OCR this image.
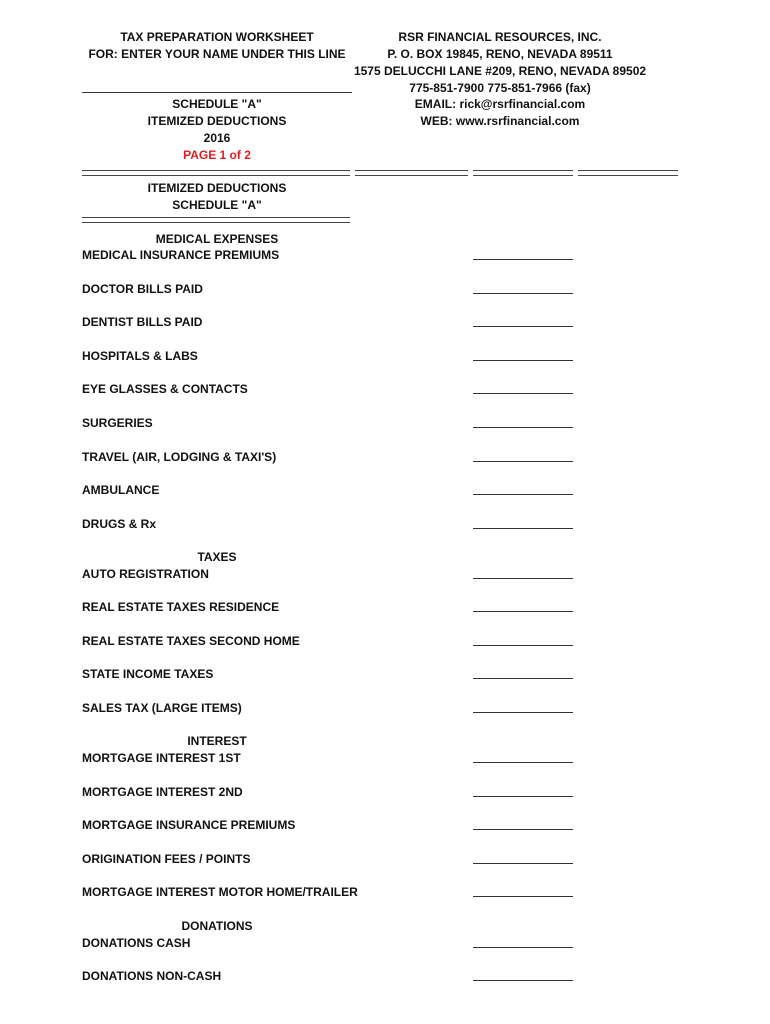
TAX PREPARATION WORKSHEET
FOR: ENTER YOUR NAME UNDER THIS LINE
SCHEDULE "A"
ITEMIZED DEDUCTIONS
2016
PAGE 1 of 2
RSR FINANCIAL RESOURCES, INC.
P. O. BOX 19845, RENO, NEVADA 89511
1575 DELUCCHI LANE #209, RENO, NEVADA 89502
775-851-7900 775-851-7966 (fax)
EMAIL: rick@rsrfinancial.com
WEB: www.rsrfinancial.com
ITEMIZED DEDUCTIONS
SCHEDULE "A"
MEDICAL EXPENSES
MEDICAL INSURANCE PREMIUMS
DOCTOR BILLS PAID
DENTIST BILLS PAID
HOSPITALS & LABS
EYE GLASSES & CONTACTS
SURGERIES
TRAVEL (AIR, LODGING & TAXI'S)
AMBULANCE
DRUGS & Rx
TAXES
AUTO REGISTRATION
REAL ESTATE TAXES RESIDENCE
REAL ESTATE TAXES SECOND HOME
STATE INCOME TAXES
SALES TAX (LARGE ITEMS)
INTEREST
MORTGAGE INTEREST 1ST
MORTGAGE INTEREST 2ND
MORTGAGE INSURANCE PREMIUMS
ORIGINATION FEES / POINTS
MORTGAGE INTEREST MOTOR HOME/TRAILER
DONATIONS
DONATIONS CASH
DONATIONS NON-CASH
